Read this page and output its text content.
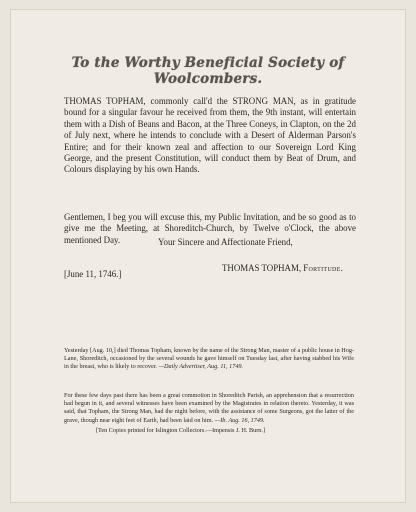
To the Worthy Beneficial Society of
Woolcombers.
THOMAS TOPHAM, commonly call'd the STRONG MAN, as in gratitude bound for a singular favour he received from them, the 9th instant, will entertain them with a Dish of Beans and Bacon, at the Three Coneys, in Clapton, on the 2d of July next, where he intends to conclude with a Desert of Alderman Parson's Entire; and for their known zeal and affection to our Sovereign Lord King George, and the present Constitution, will conduct them by Beat of Drum, and Colours displaying by his own Hands.
Gentlemen, I beg you will excuse this, my Public Invitation, and be so good as to give me the Meeting, at Shoreditch-Church, by Twelve o'Clock, the above mentioned Day.	Your Sincere and Affectionate Friend,
[June 11, 1746.]
THOMAS TOPHAM, Fortitude.
Yesterday [Aug. 10,] died Thomas Topham, known by the name of the Strong Man, master of a public house in Hog-Lane, Shoreditch, occasioned by the several wounds he gave himself on Tuesday last, after having stabbed his Wife in the breast, who is likely to recover. —Daily Advertiser, Aug. 11, 1749.
For these few days past there has been a great commotion in Shoreditch Parish, an apprehension that a resurrection had begun in it, and several witnesses have been examined by the Magistrates in relation thereto. Yesterday, it was said, that Topham, the Strong Man, had the night before, with the assistance of some Surgeons, got the latter of the grave, though near eight feet of Earth, had been laid on him. —Ib. Aug. 16, 1749.
[Ten Copies printed for Islington Collectors.—Impensis J. H. Burn.]
